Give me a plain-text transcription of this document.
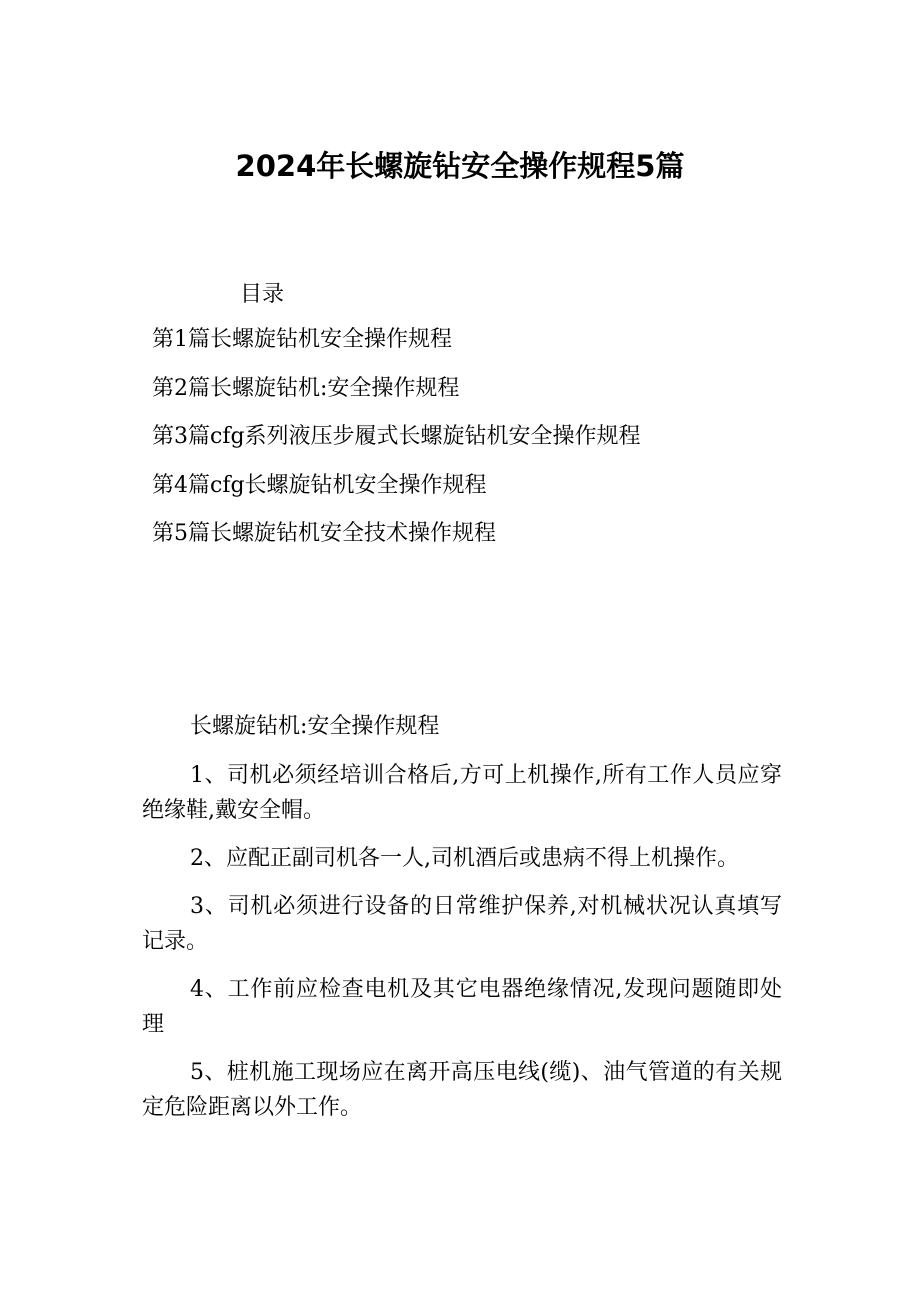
2024年长螺旋钻安全操作规程5篇
目录
第1篇长螺旋钻机安全操作规程
第2篇长螺旋钻机:安全操作规程
第3篇cfg系列液压步履式长螺旋钻机安全操作规程
第4篇cfg长螺旋钻机安全操作规程
第5篇长螺旋钻机安全技术操作规程
长螺旋钻机:安全操作规程

1、司机必须经培训合格后,方可上机操作,所有工作人员应穿绝缘鞋,戴安全帽。

2、应配正副司机各一人,司机酒后或患病不得上机操作。

3、司机必须进行设备的日常维护保养,对机械状况认真填写记录。

4、工作前应检查电机及其它电器绝缘情况,发现问题随即处理

5、桩机施工现场应在离开高压电线(缆)、油气管道的有关规定危险距离以外工作。
